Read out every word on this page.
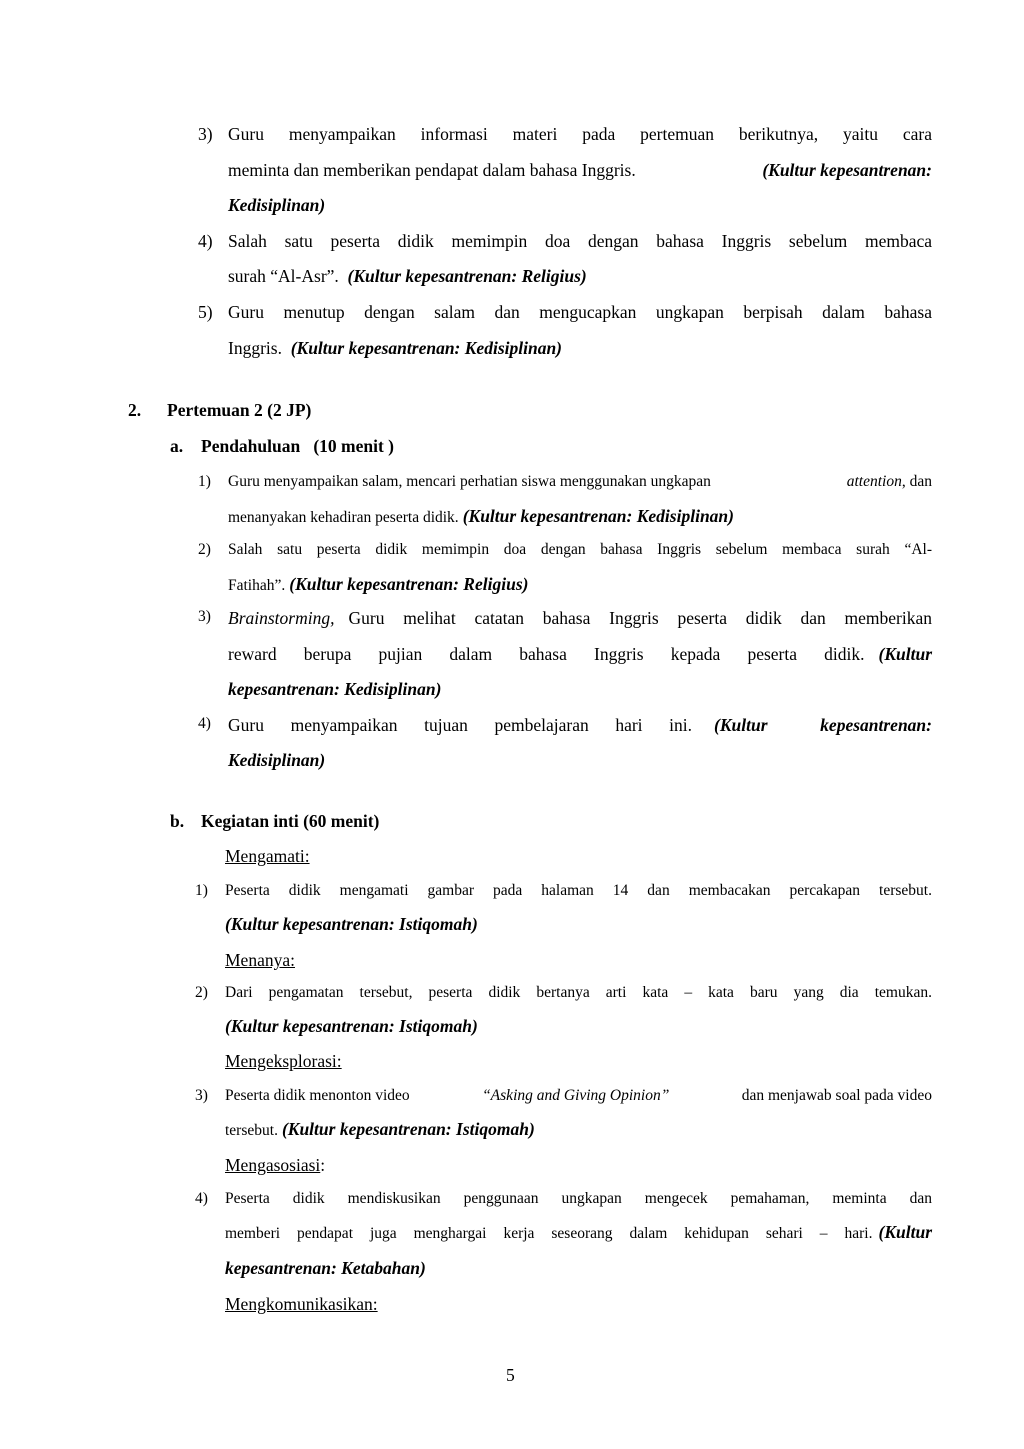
3) Guru menyampaikan informasi materi pada pertemuan berikutnya, yaitu cara
meminta dan memberikan pendapat dalam bahasa Inggris.	(Kultur kepesantrenan:
Kedisiplinan)
4) Salah satu peserta didik memimpin doa dengan bahasa Inggris sebelum membaca
surah “Al-Asr”. (Kultur kepesantrenan: Religius)
5) Guru menutup dengan salam dan mengucapkan ungkapan berpisah dalam bahasa
Inggris. (Kultur kepesantrenan: Kedisiplinan)
2. Pertemuan 2 (2 JP)
a. Pendahuluan   (10 menit )
1) Guru menyampaikan salam, mencari perhatian siswa menggunakan ungkapan	attention, dan
menanyakan kehadiran peserta didik. (Kultur kepesantrenan: Kedisiplinan)
2) Salah satu peserta didik memimpin doa dengan bahasa Inggris sebelum membaca surah “Al-
Fatihah”. (Kultur kepesantrenan: Religius)
3) Brainstorming, Guru melihat catatan bahasa Inggris peserta didik dan memberikan
reward berupa pujian dalam bahasa Inggris kepada peserta didik. (Kultur
kepesantrenan: Kedisiplinan)
4) Guru menyampaikan tujuan pembelajaran hari ini. (Kultur kepesantrenan:
Kedisiplinan)
b. Kegiatan inti (60 menit)
Mengamati:
1) Peserta didik mengamati gambar pada halaman 14 dan membacakan percakapan tersebut.
(Kultur kepesantrenan: Istiqomah)
Menanya:
2) Dari pengamatan tersebut, peserta didik bertanya arti kata – kata baru yang dia temukan.
(Kultur kepesantrenan: Istiqomah)
Mengeksplorasi:
3) Peserta didik menonton video	“Asking and Giving Opinion”	dan menjawab soal pada video
tersebut. (Kultur kepesantrenan: Istiqomah)
Mengasosiasi:
4) Peserta didik mendiskusikan penggunaan ungkapan mengecek pemahaman, meminta dan
memberi pendapat juga menghargai kerja seseorang dalam kehidupan sehari – hari. (Kultur
kepesantrenan: Ketabahan)
Mengkomunikasikan:
5
